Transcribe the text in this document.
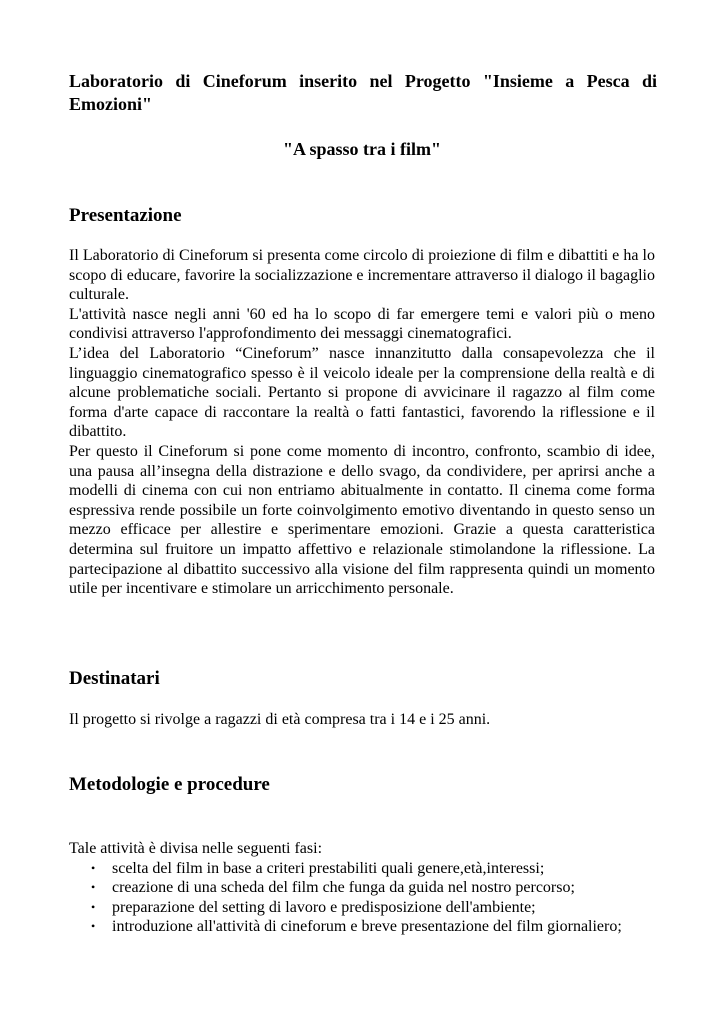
Laboratorio di Cineforum inserito nel Progetto "Insieme a Pesca di Emozioni"
"A spasso tra i film"
Presentazione

Il Laboratorio di Cineforum si presenta come circolo di proiezione di film e dibattiti e ha lo scopo di educare, favorire la socializzazione e incrementare attraverso il dialogo il bagaglio culturale.

L'attività nasce negli anni '60 ed ha lo scopo di far emergere temi e valori più o meno condivisi attraverso l'approfondimento dei messaggi cinematografici.

L’idea del Laboratorio “Cineforum” nasce innanzitutto dalla consapevolezza che il linguaggio cinematografico spesso è il veicolo ideale per la comprensione della realtà e di alcune problematiche sociali. Pertanto si propone di avvicinare il ragazzo al film come forma d'arte capace di raccontare la realtà o fatti fantastici, favorendo la riflessione e il dibattito.

Per questo il Cineforum si pone come momento di incontro, confronto, scambio di idee, una pausa all’insegna della distrazione e dello svago, da condividere, per aprirsi anche a modelli di cinema con cui non entriamo abitualmente in contatto. Il cinema come forma espressiva rende possibile un forte coinvolgimento emotivo diventando in questo senso un mezzo efficace per allestire e sperimentare emozioni. Grazie a questa caratteristica determina sul fruitore un impatto affettivo e relazionale stimolandone la riflessione. La partecipazione al dibattito successivo alla visione del film rappresenta quindi un momento utile per incentivare e stimolare un arricchimento personale.

Destinatari
Il progetto si rivolge a ragazzi di età compresa tra i 14 e i 25 anni.
Metodologie e procedure

Tale attività è divisa nelle seguenti fasi:

• scelta del film in base a criteri prestabiliti quali genere,età,interessi;
• creazione di una scheda del film che funga da guida nel nostro percorso;
• preparazione del setting di lavoro e predisposizione dell'ambiente;
• introduzione all'attività di cineforum e breve presentazione del film giornaliero;
